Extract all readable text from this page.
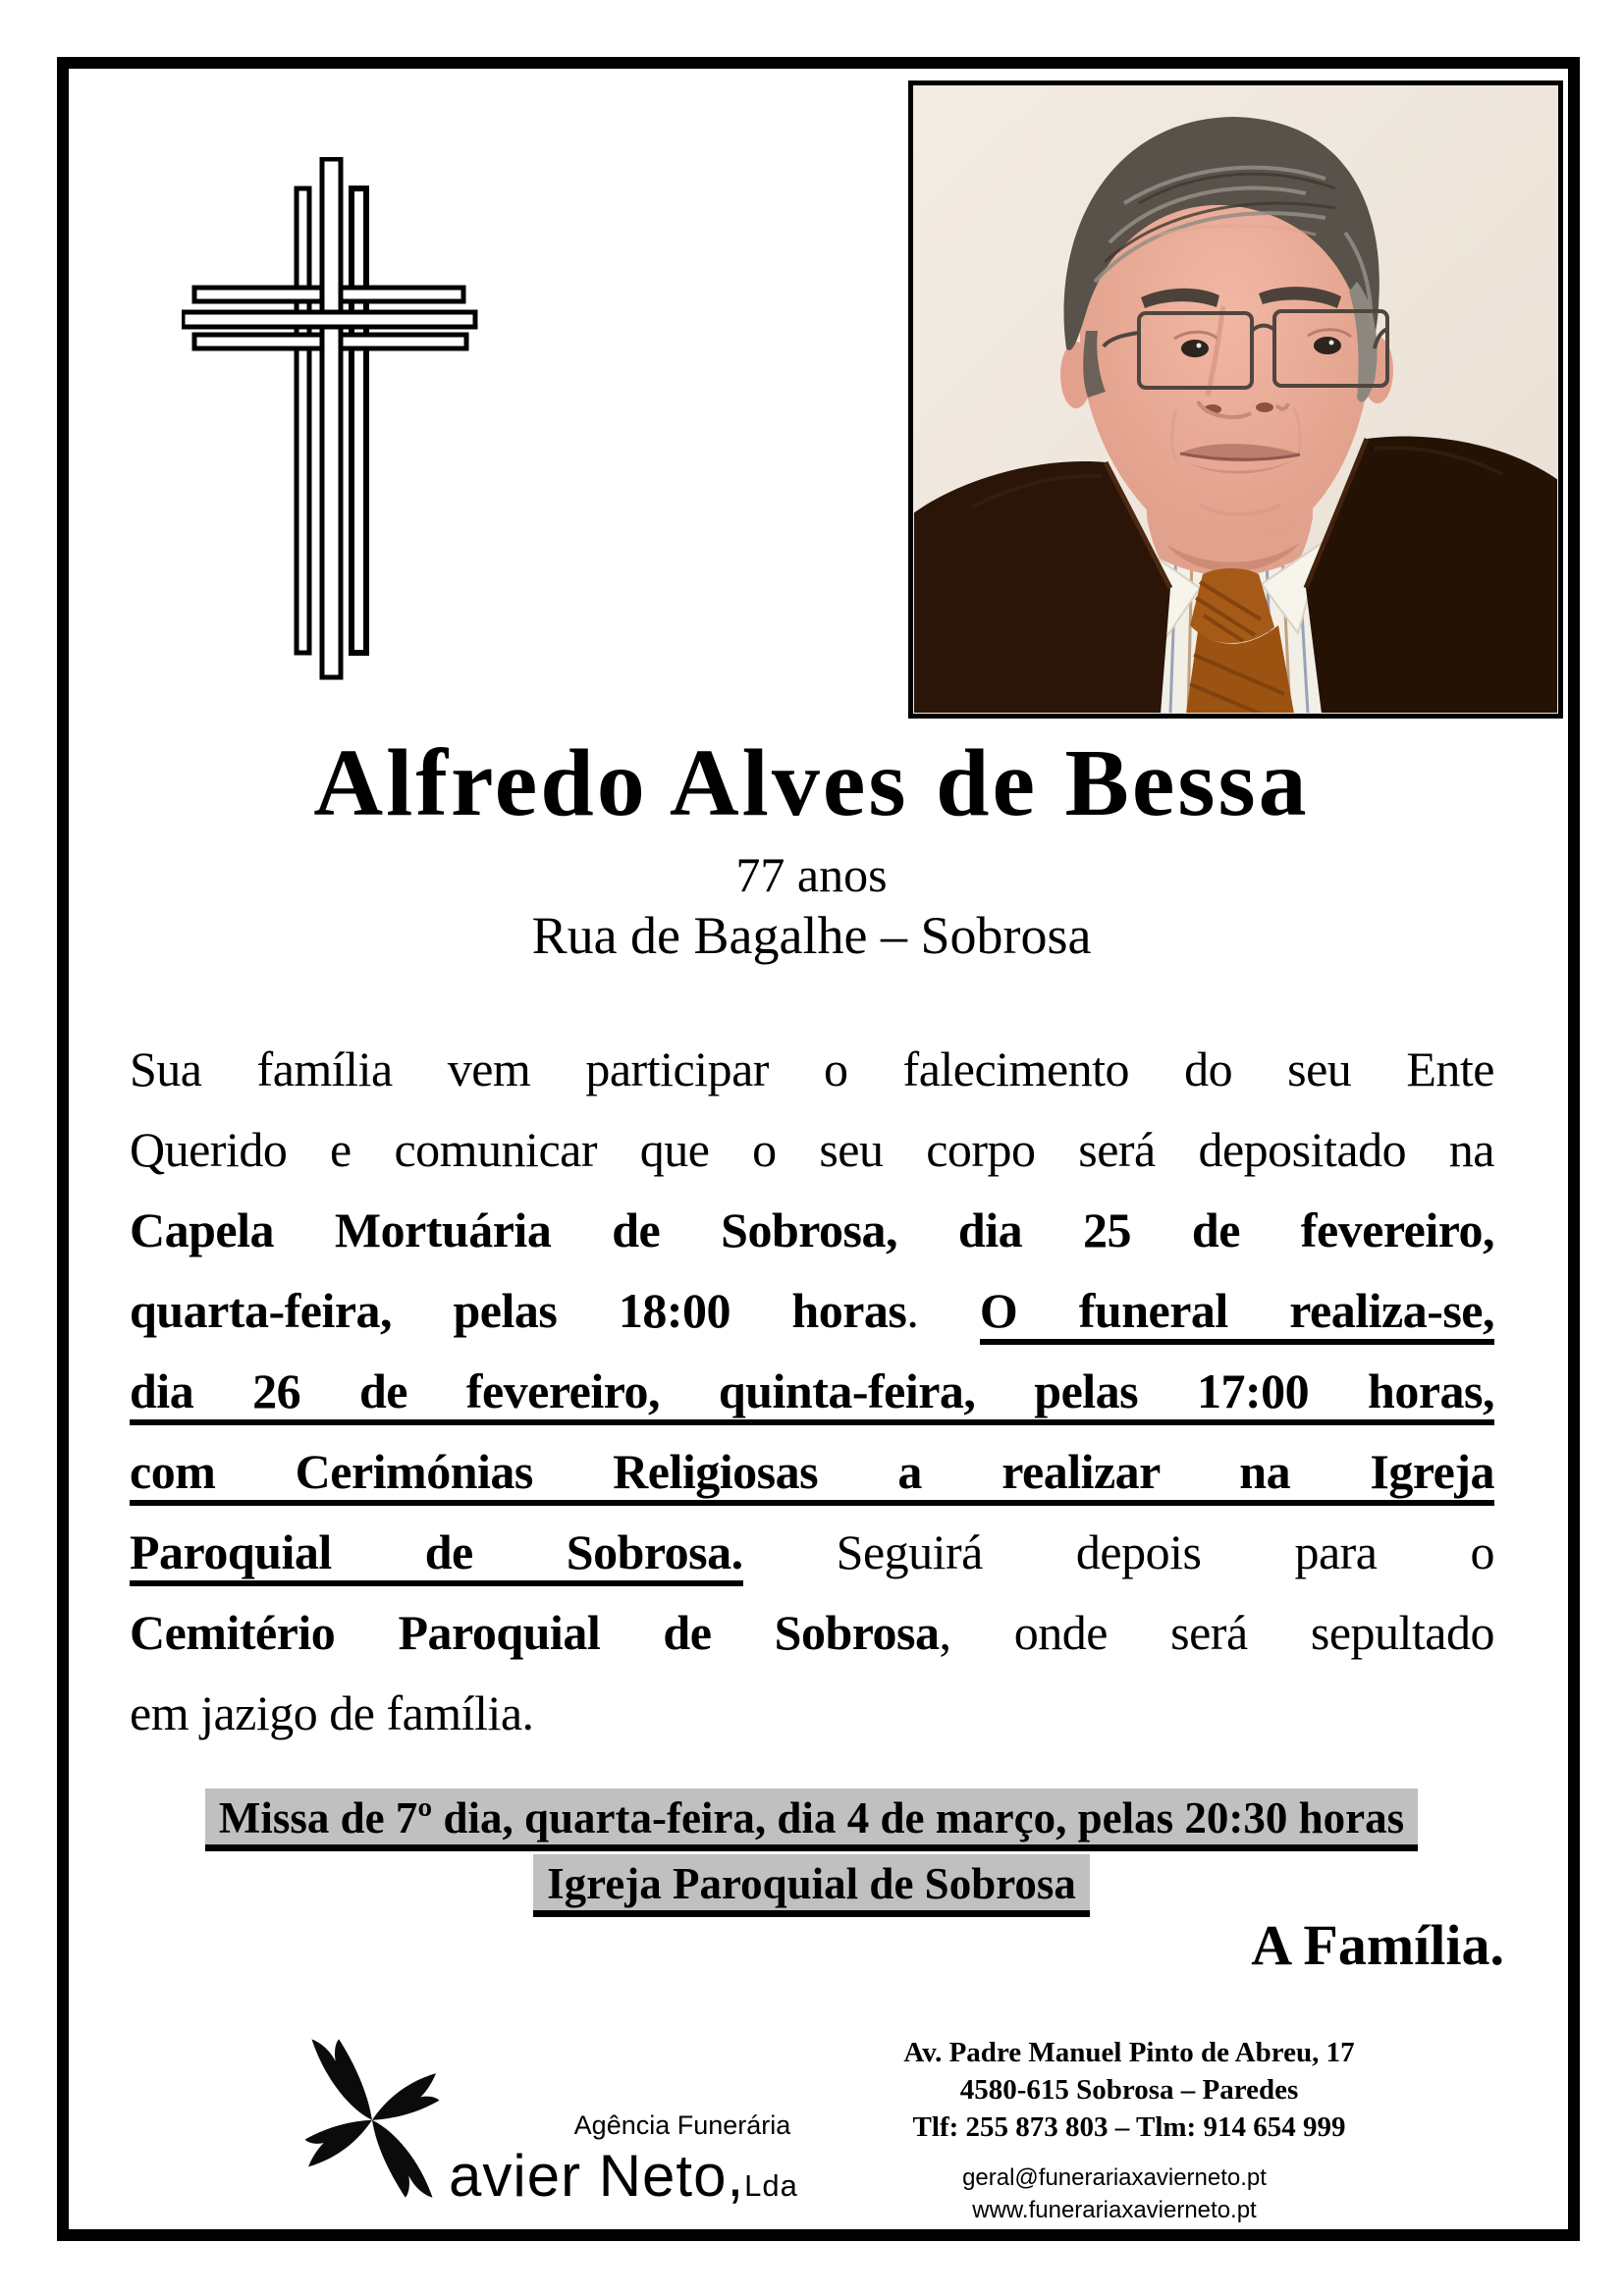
Alfredo Alves de Bessa
77 anos
Rua de Bagalhe – Sobrosa
Sua família vem participar o falecimento do seu Ente
Querido e comunicar que o seu corpo será depositado na
Capela Mortuária de Sobrosa, dia 25 de fevereiro,
quarta-feira, pelas 18:00 horas. O funeral realiza-se,
dia 26 de fevereiro, quinta-feira, pelas 17:00 horas,
com Cerimónias Religiosas a realizar na Igreja
Paroquial de Sobrosa. Seguirá depois para o
Cemitério Paroquial de Sobrosa, onde será sepultado
em jazigo de família.
Missa de 7º dia, quarta-feira, dia 4 de março, pelas 20:30 horas
Igreja Paroquial de Sobrosa
A Família.
Agência Funerária
avier Neto,Lda
Av. Padre Manuel Pinto de Abreu, 17
4580-615 Sobrosa – Paredes
Tlf: 255 873 803 – Tlm: 914 654 999
geral@funerariaxavierneto.pt
www.funerariaxavierneto.pt
